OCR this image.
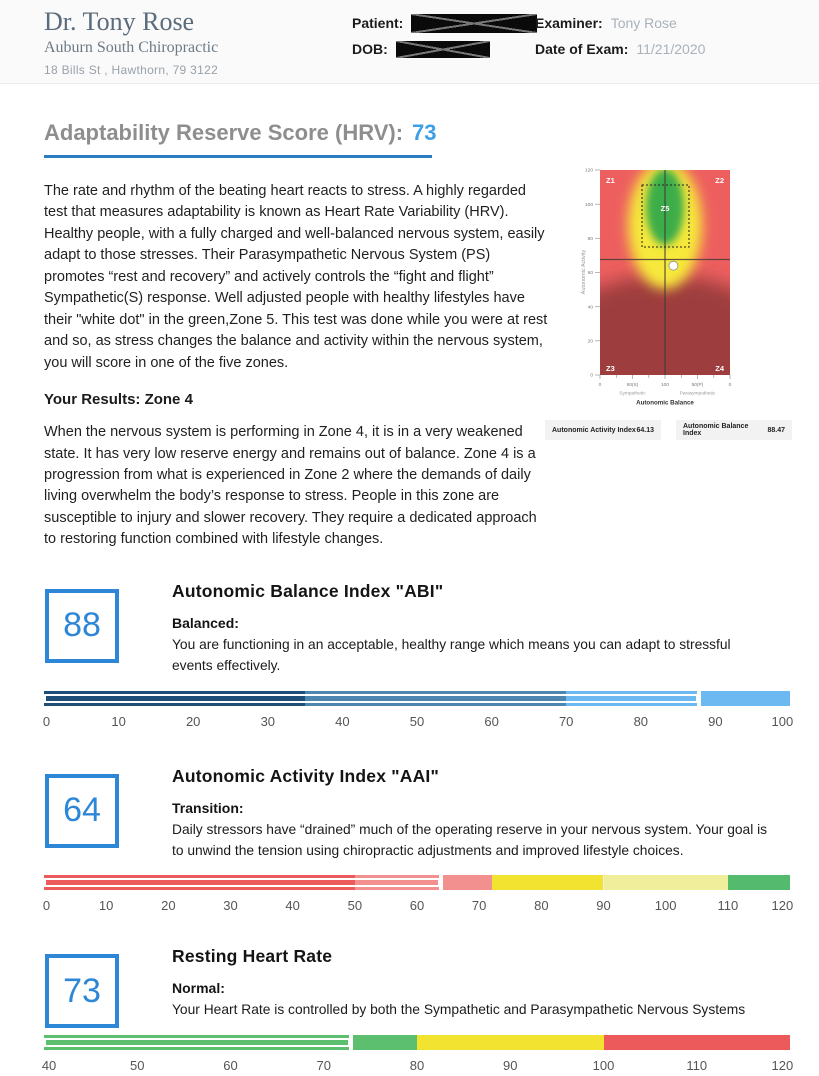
Dr. Tony Rose
Auburn South Chiropractic
18 Bills St , Hawthorn, 79 3122
Patient:
DOB:
Examiner: Tony Rose
Date of Exam: 11/21/2020
Adaptability Reserve Score (HRV): 73
The rate and rhythm of the beating heart reacts to stress. A highly regarded test that measures adaptability is known as Heart Rate Variability (HRV). Healthy people, with a fully charged and well-balanced nervous system, easily adapt to those stresses. Their Parasympathetic Nervous System (PS) promotes “rest and recovery” and actively controls the “fight and flight” Sympathetic(S) response. Well adjusted people with healthy lifestyles have their "white dot" in the green,Zone 5. This test was done while you were at rest and so, as stress changes the balance and activity within the nervous system, you will score in one of the five zones.
Your Results: Zone 4
When the nervous system is performing in Zone 4, it is in a very weakened state. It has very low reserve energy and remains out of balance. Zone 4 is a progression from what is experienced in Zone 2 where the demands of daily living overwhelm the body’s response to stress. People in this zone are susceptible to injury and slower recovery. They require a dedicated approach to restoring function combined with lifestyle changes.
Z1	Z2
Z3	Z4
Z5
0
20
40
60
80
100
120
Autonomic Activity
0	50(S)	100	50(P)	0
Sympathetic	Parasympathetic
Autonomic Balance
Autonomic Activity Index 64.13	Autonomic Balance Index	88.47
88
Autonomic Balance Index "ABI"
Balanced:
You are functioning in an acceptable, healthy range which means you can adapt to stressful events effectively.
0	10	20	30	40	50	60	70	80	90	100
64
Autonomic Activity Index "AAI"
Transition:
Daily stressors have “drained” much of the operating reserve in your nervous system. Your goal is to unwind the tension using chiropractic adjustments and improved lifestyle choices.
0	10	20	30	40	50	60	70	80	90	100	110	120
73
Resting Heart Rate
Normal:
Your Heart Rate is controlled by both the Sympathetic and Parasympathetic Nervous Systems
40	50	60	70	80	90	100	110	120
